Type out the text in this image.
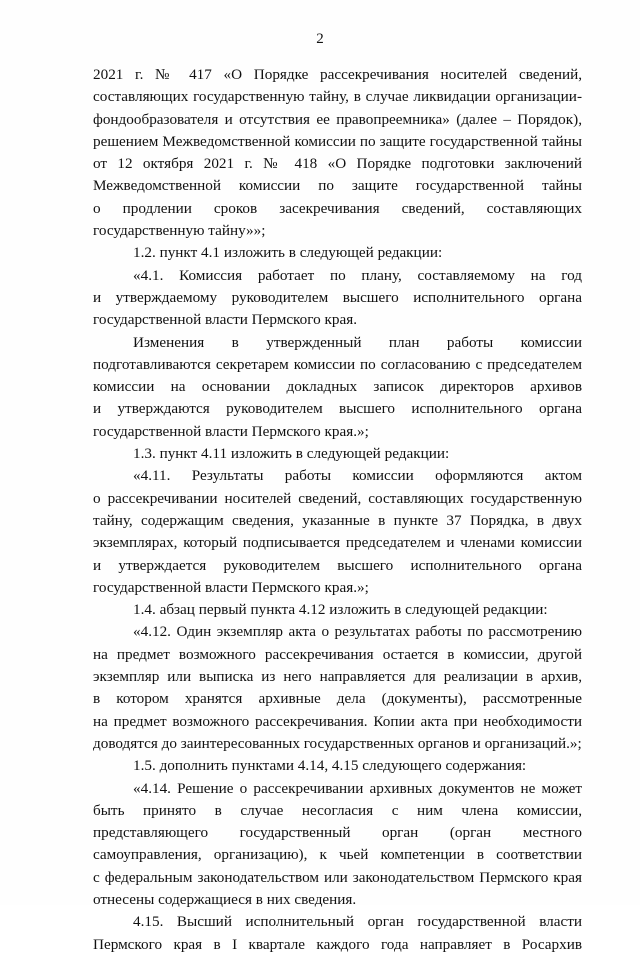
2
2021 г. № 417 «О Порядке рассекречивания носителей сведений,
составляющих государственную тайну, в случае ликвидации организации-
фондообразователя и отсутствия ее правопреемника» (далее – Порядок),
решением Межведомственной комиссии по защите государственной тайны
от 12 октября 2021 г. № 418 «О Порядке подготовки заключений
Межведомственной комиссии по защите государственной тайны
о продлении сроков засекречивания сведений, составляющих
государственную тайну»»;
1.2. пункт 4.1 изложить в следующей редакции:
«4.1. Комиссия работает по плану, составляемому на год
и утверждаемому руководителем высшего исполнительного органа
государственной власти Пермского края.
Изменения в утвержденный план работы комиссии
подготавливаются секретарем комиссии по согласованию с председателем
комиссии на основании докладных записок директоров архивов
и утверждаются руководителем высшего исполнительного органа
государственной власти Пермского края.»;
1.3. пункт 4.11 изложить в следующей редакции:
«4.11. Результаты работы комиссии оформляются актом
о рассекречивании носителей сведений, составляющих государственную
тайну, содержащим сведения, указанные в пункте 37 Порядка, в двух
экземплярах, который подписывается председателем и членами комиссии
и утверждается руководителем высшего исполнительного органа
государственной власти Пермского края.»;
1.4. абзац первый пункта 4.12 изложить в следующей редакции:
«4.12. Один экземпляр акта о результатах работы по рассмотрению
на предмет возможного рассекречивания остается в комиссии, другой
экземпляр или выписка из него направляется для реализации в архив,
в котором хранятся архивные дела (документы), рассмотренные
на предмет возможного рассекречивания. Копии акта при необходимости
доводятся до заинтересованных государственных органов и организаций.»;
1.5. дополнить пунктами 4.14, 4.15 следующего содержания:
«4.14. Решение о рассекречивании архивных документов не может
быть принято в случае несогласия с ним члена комиссии,
представляющего государственный орган (орган местного
самоуправления, организацию), к чьей компетенции в соответствии
с федеральным законодательством или законодательством Пермского края
отнесены содержащиеся в них сведения.
4.15. Высший исполнительный орган государственной власти
Пермского края в I квартале каждого года направляет в Росархив
